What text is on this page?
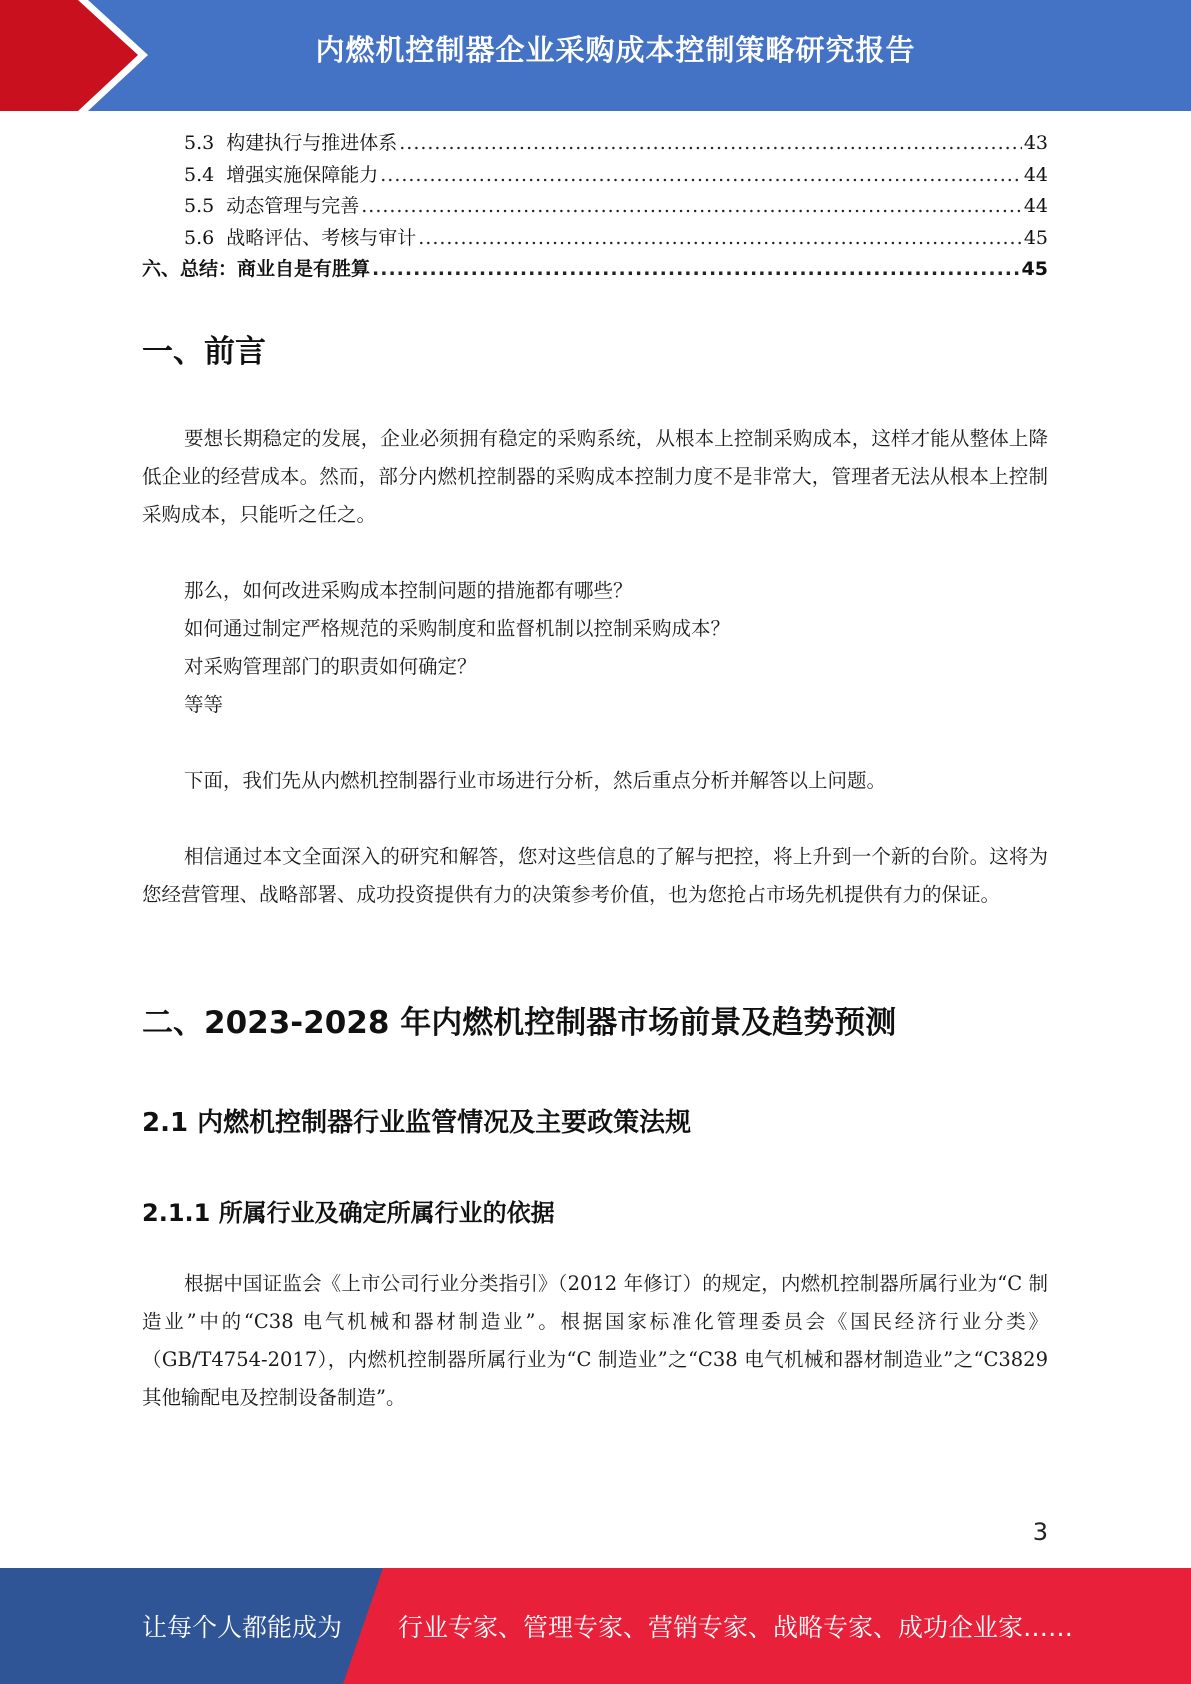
内燃机控制器企业采购成本控制策略研究报告
5.3 构建执行与推进体系 .....	43
5.4 增强实施保障能力 .....	44
5.5 动态管理与完善 .....	44
5.6 战略评估、考核与审计 .....	45
六、总结：商业自是有胜算 .....	45
一、前言
要想长期稳定的发展，企业必须拥有稳定的采购系统，从根本上控制采购成本，这样才能从整体上降低企业的经营成本。然而，部分内燃机控制器的采购成本控制力度不是非常大，管理者无法从根本上控制采购成本，只能听之任之。
那么，如何改进采购成本控制问题的措施都有哪些？
如何通过制定严格规范的采购制度和监督机制以控制采购成本？
对采购管理部门的职责如何确定？
等等
下面，我们先从内燃机控制器行业市场进行分析，然后重点分析并解答以上问题。
相信通过本文全面深入的研究和解答，您对这些信息的了解与把控，将上升到一个新的台阶。这将为您经营管理、战略部署、成功投资提供有力的决策参考价值，也为您抢占市场先机提供有力的保证。
二、2023-2028 年内燃机控制器市场前景及趋势预测
2.1 内燃机控制器行业监管情况及主要政策法规
2.1.1 所属行业及确定所属行业的依据
根据中国证监会《上市公司行业分类指引》（2012 年修订）的规定，内燃机控制器所属行业为“C 制造业”中的“C38 电气机械和器材制造业”。根据国家标准化管理委员会《国民经济行业分类》（GB/T4754-2017），内燃机控制器所属行业为“C 制造业”之“C38 电气机械和器材制造业”之“C3829 其他输配电及控制设备制造”。
3
让每个人都能成为 行业专家、管理专家、营销专家、战略专家、成功企业家……
